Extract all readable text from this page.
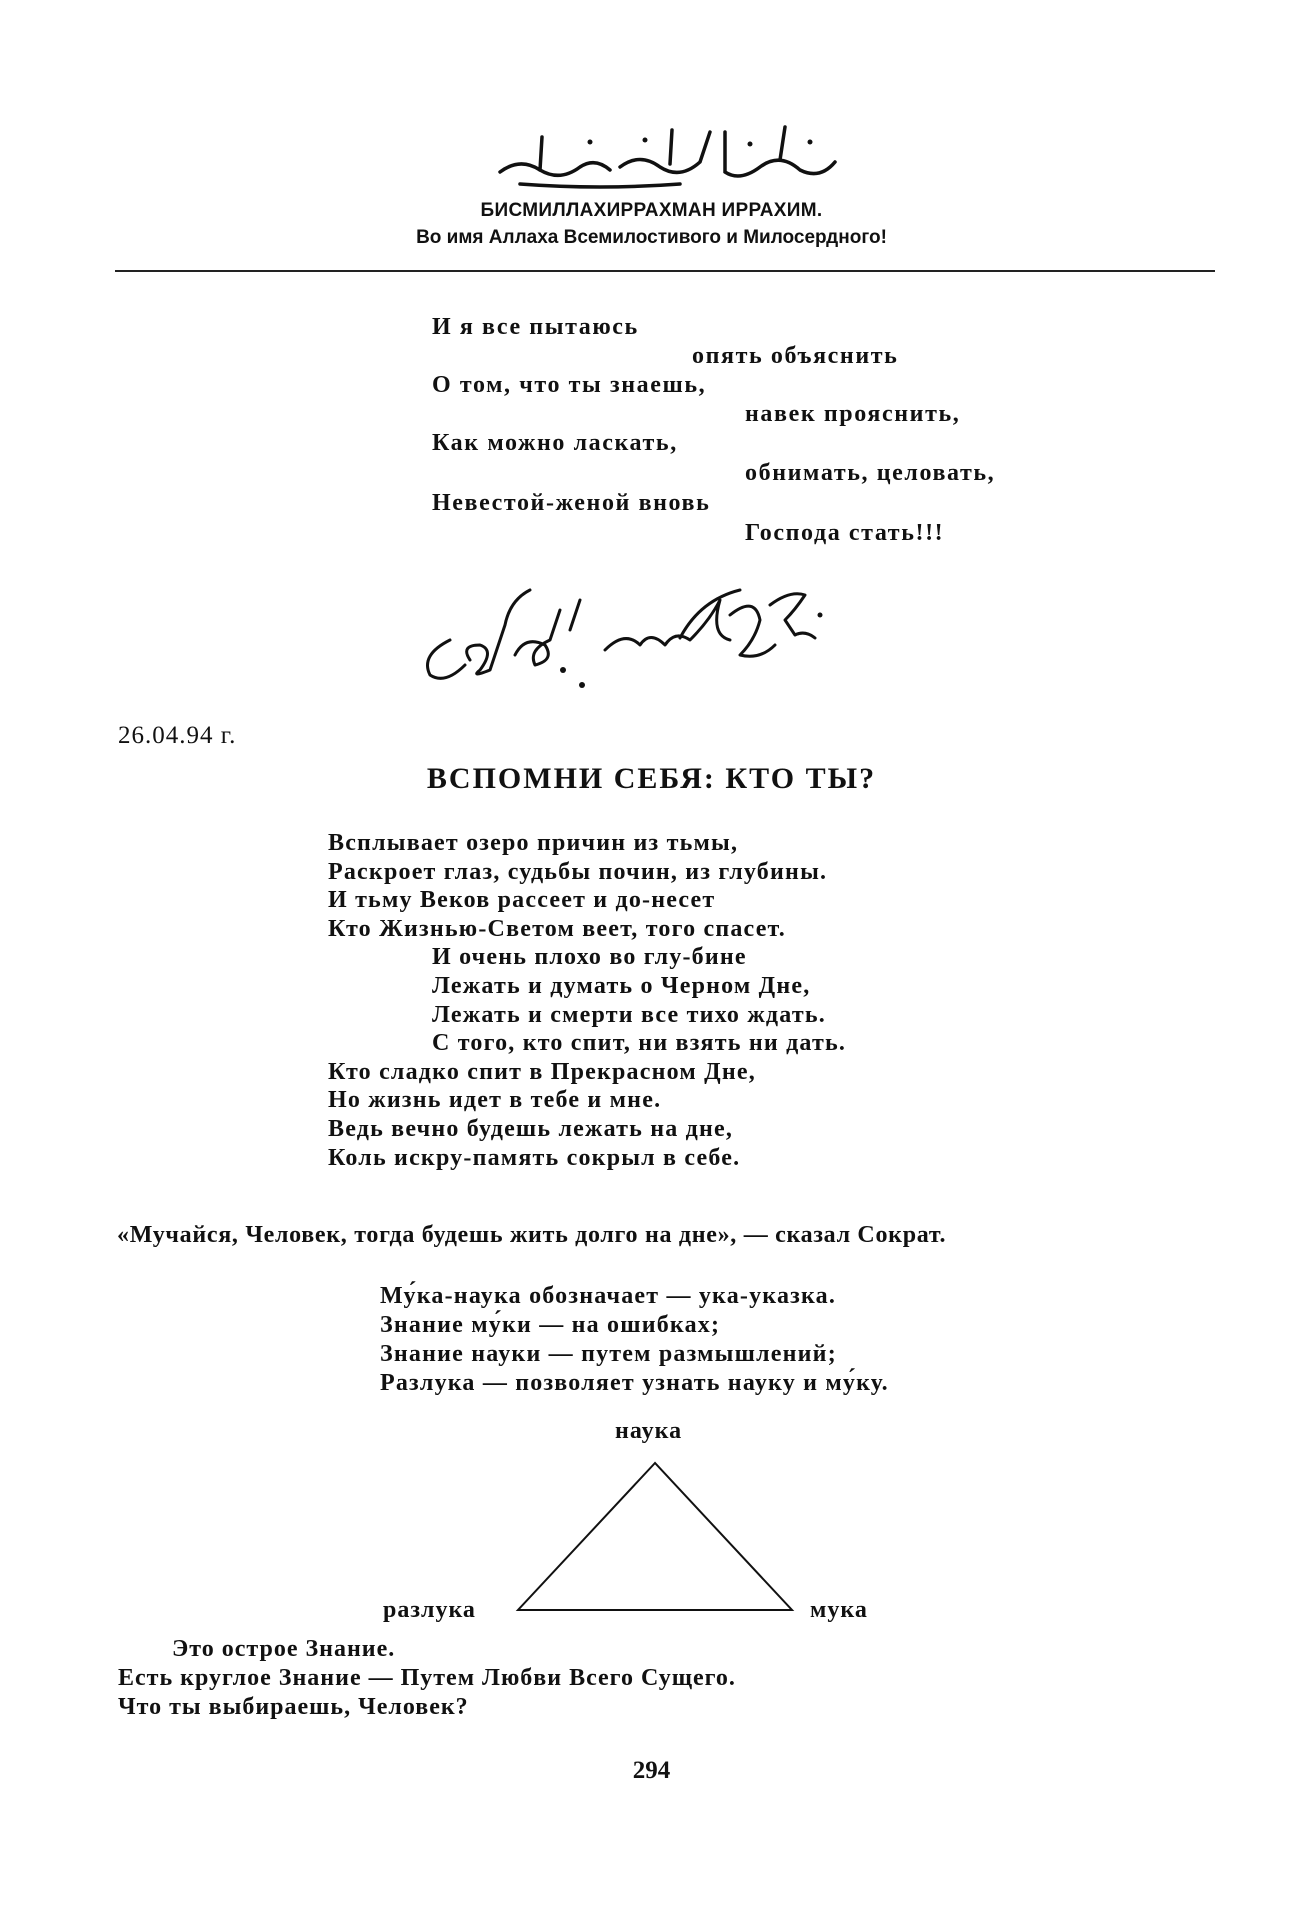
БИСМИЛЛАХИРРАХМАН ИРРАХИМ.
Во имя Аллаха Всемилостивого и Милосердного!
И я все пытаюсь
опять объяснить
О том, что ты знаешь,
навек прояснить,
Как можно ласкать,
обнимать, целовать,
Невестой-женой вновь
Господа стать!!!
26.04.94 г.
ВСПОМНИ СЕБЯ: КТО ТЫ?
Всплывает озеро причин из тьмы,
Раскроет глаз, судьбы почин, из глубины.
И тьму Веков рассеет и до-несет
Кто Жизнью-Светом веет, того спасет.
И очень плохо во глу-бине
Лежать и думать о Черном Дне,
Лежать и смерти все тихо ждать.
С того, кто спит, ни взять ни дать.
Кто сладко спит в Прекрасном Дне,
Но жизнь идет в тебе и мне.
Ведь вечно будешь лежать на дне,
Коль искру-память сокрыл в себе.
«Мучайся, Человек, тогда будешь жить долго на дне», — сказал Сократ.
Му́ка-наука обозначает — ука-указка.
Знание му́ки — на ошибках;
Знание науки — путем размышлений;
Разлука — позволяет узнать науку и му́ку.
наука
разлука	мука
Это острое Знание.
Есть круглое Знание — Путем Любви Всего Сущего.
Что ты выбираешь, Человек?
294
